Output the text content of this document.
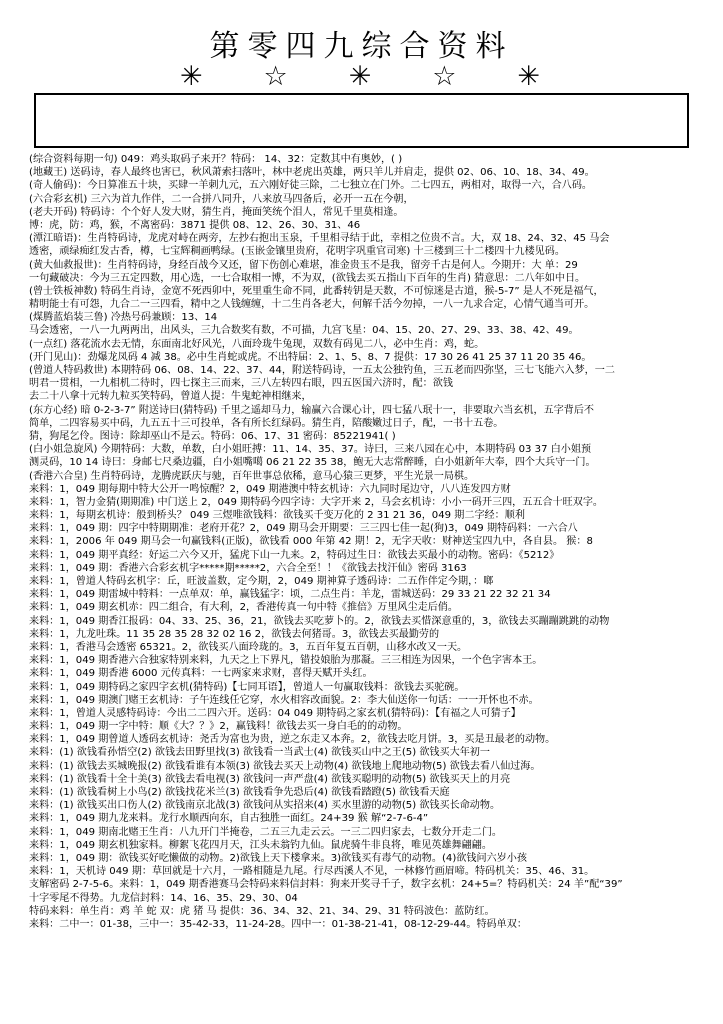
第零四九综合资料
✳ ☆ ✳ ☆ ✳
(综合资料每期一句) 049：鸡头取码子来开？特码： 14、32：定数其中有奥妙，( )
(地藏王) 送码诗，春人最终也害已，秋风萧索扫落叶，林中老虎出英雄，两只羊儿并肩走，提供 02、06、10、18、34、49。
(奇人偷码)：今日算准五十块，买肆一羊刺九元，五六刚好徒三除，二七独立在门外。二七四五，两相对，取得一六，合八码。
(六合彩玄机) 三六为首九作伴，二一合拼八同升，八来放马四备后，必开一五在今朝，
(老夫开码) 特码诗：个个好人发大财，猜生肖，掩面笑统个泪人，常见千里莫相逢。
博：虎，防：鸡，猴，不离密码：3871 提供 08、12、26、30、31、46
(潭江暗语)：生肖特码诗，龙虎对峙在两旁，左抄右抱出玉泉，千里相寻结于此，幸相之位贵不言。大，双 18、24、32、45 马会
透密，顽绿痴红发古香，樽，七宝辉稠画鸭绿。(玉嵌金镶里贵府，花明字巩重官司寒) 十三楼到三十二楼四十九楼见码。
(黄大仙救报世)：生肖特码诗，身经百战今又还，留下伤创心难堪，准金贵玉不是我，留旁千古是何人。今期开：大 单：29
一句藏破决：今为三五定四数，用心选，一七合取相一博，不为双，(欲钱去买五指山下百年的生肖) 猜意思：二八年如中日。
(曾士铁板神数) 特码生肖诗，金宽不死西卯中，死里重生命不同，此番转钥是天数，不可惊迷是古道，猴-5-7” 是人不死是福气，
精明能士有可怨，九合二一三四看，精中之人钱缠缠，十二生肖各老大，何解千活今勿掉，一八一九求合定，心情气通当可开。
(煤腾蓝焰装三鲁) 冷热号码兼顾：13、14
马会透密，一八一九两两出，出风头，三九合数奖有数，不可描，九宫飞星：04、15、20、27、29、33、38、42、49。
(一点红) 落花流水去无情，东面南北好风光，八面玲珑牛兔现，双数有码见二八，必中生肖：鸡，蛇。
(开门见山)：劲爆龙凤码 4 减 38。必中生肖蛇或虎。不出特届：2、1、5、8、7 提供：17 30 26 41 25 37 11 20 35 46。
(曾道人特码救世) 本期特码 06、08、14、22、37、44，附送特码诗，一五太公独钓鱼，三五老而四弥坚，三七飞能六入梦，一二
明君一贯相，一九相机二待时，四七探主三而来，三八左转四右眼，四五医国六济时，配：欲钱
去二十八拿十元转九粒买笑特码，曾道人提：牛鬼蛇神相继来，
(东方心经) 暗 0-2-3-7” 附送诗曰(猜特码) 千里之遥却马力，输赢六合课心计，四七猛八珉十一，非要取六当玄机，五字背后不
简单，二四容易买中码，九五五十三可投单，各有所长红绿码。猜生肖，陪酸嫩过日子，配，一书十五卷。
猜，狗尾乞伶。图诗：除却巫山不是云。特码：06、17、31 密码：85221941( )
(白小姐急旋风) 今期特码：大数，单数，白小姐旺搏：11、14、35、37。诗曰，三来八园在心中，本期特码 03 37 白小姐预
测灵码，10 14 诗曰：身邮七尺桑边疆，白小姐嘴噶 06 21 22 35 38，鲍无大志常醉睡，白小姐新年大奉，四个大兵守一门。
(香港六合皇) 生肖特码诗，龙腾虎跃庆与驰，百年世事总依稀，意马心猿三更梦，平生光景一局棋。
来料：1，049 期每期中特大公开一鸣惊醒？2，049 期港澳中特玄机诗：六九同时尾边守，八八连发四方财
来料：1，智力金猜(期期准) 中门送上 2，049 期特码今四字诗：大字开来 2，马会玄机诗：小小一码开三四，五五合十旺双字。
来料：1，每期玄机诗：般到桥头？ 049 三煜唯欲钱料：欲钱买千变万化的 2 31 21 36，049 期二字经：顺利
来料：1，049 期：四字中特期期准：老府开花？2，049 期马会开期要：三三四七佳一起(狗)3，049 期特码料：一六合八
来料：1，2006 年 049 期马会一句赢钱料(正版)，欲钱看 000 年第 42 期！2，无字天收：财神送宝四九中，各自县。 猴：8
来料：1，049 期平真经：好运二六今又开，猛虎下山一九来。2，特码过生日：欲钱去买最小的动物。密码：《5212》
来料：1，049 期：香港六合彩玄机字*****期*****2，六合全至！！《欲钱去找汗仙》密码 3163
来料：1，曾道人特码玄机字：丘，旺波盖数，定今期，2，049 期神算子透码诗：二五作伴定今期，：啷
来料：1，049 期雷城中特料：一点单双：单，赢钱猛字：顷，二点生肖：羊龙，雷城送码：29 33 21 22 32 21 34
来料：1，049 期玄机赤：四二组合，有大利，2，香港传真一句中特《推倍》万里风尘走后俏。
来料：1，049 期香江报码：04、33、25、36，21，欲钱去买吃萝卜的。2，欲钱去买惜深意重的，3，欲钱去买蹦蹦跳跳的动物
来料：1，九龙吐珠。11 35 28 35 28 32 02 16 2，欲钱去何猪哥。3，欲钱去买最勤劳的
来料：1，香港马会透密 65321。2，欲钱买八面玲珑的。3，五百年复五百朝，山移水改又一天。
来料：1，049 期香港六合独家特别来料，九天之上下界凡，错投娘胎为那凝。三三相连为因果，一个色字害本王。
来料：1，049 期香港 6000 元传真料：一七两家来求财，喜得天赋开头红。
来料：1，049 期特码之家四字玄机(猜特码)【七同耳语】，曾道人一句赢取钱料：欲钱去买驼碗。
来料：1，049 期澳门赌王玄机诗：子午连线任它穿，水火相容改面貌。2：李大仙送你一句话：一一开怀也不赤。
来料：1，曾道人灵感特码诗：今出二二四六开。送码：04 049 期特码之家玄机(猜特码)：【有福之人可猜子】
来料：1，049 期一字中特：顺《大？？》2，赢钱料！欲钱去买一身白毛的的动物。
来料：1，049 期曾道人透码玄机诗：尧舌为富也为贵，逆之东走又本奔。2，欲钱去吃月饼。3，买是丑最老的动物。
来料：(1) 欲钱看孙悟空(2) 欲钱去田野里找(3) 欲钱看一当武士(4) 欲钱买山中之王(5) 欲钱买大年初一
来料：(1) 欲钱去买城晚报(2) 欲钱看谁有本领(3) 欲钱去买天上动物(4) 欲钱地上爬地动物(5) 欲钱去看八仙过海。
来料：(1) 欲钱看十全十美(3) 欲钱去看电视(3) 欲钱问一声严盘(4) 欲钱买聪明的动物(5) 欲钱买天上的月亮
来料：(1) 欲钱看树上小鸟(2) 欲钱找花米兰(3) 欲钱看争先恐后(4) 欲钱看踏蹬(5) 欲钱看天庭
来料：(1) 欲钱买出口伤人(2) 欲钱南京北战(3) 欲钱问从实招来(4) 买水里游的动物(5) 欲钱买长命动物。
来料：1，049 期九龙来料。龙行水顺西向东，自古独胜一面红。24+39 猴 解“2-7-6-4”
来料：1，049 期南北赌王生肖：八九开门半掩卷，二五三九走云云。一三二四归家去，七数分开走二门。
来料：1，049 期玄机独家料。柳絮飞花四月天，江头未翁钓九仙。鼠虎骑牛非良将，唯见英雄舞翩翩。
来料：1，049 期：欲钱买好吃懒做的动物。2)欲钱上天下楼拿来。3)欲钱买有毒气的动物。(4)欲钱问六岁小孩
来料：1，天机诗 049 期：草回就是十六月，一路相随是九尾。行尽西溪人不见，一林修竹画眉啼。特码机关：35、46、31。
支解密码 2-7-5-6。来料：1，049 期香港赛马会特码来料信封料：狗来开奖寻千子，数字玄机：24+5=？特码机关：24 羊”配“39”
十字零尾不得势。九龙信封料：14、16、35、29、30、04
特码来料：单生肖：鸡 羊 蛇 双：虎 猪 马 提供：36、34、32、21、34、29、31 特码波色：蓝防红。
来料：二中一：01-38，三中一：35-42-33，11-24-28。四中一：01-38-21-41，08-12-29-44。特码单双：
